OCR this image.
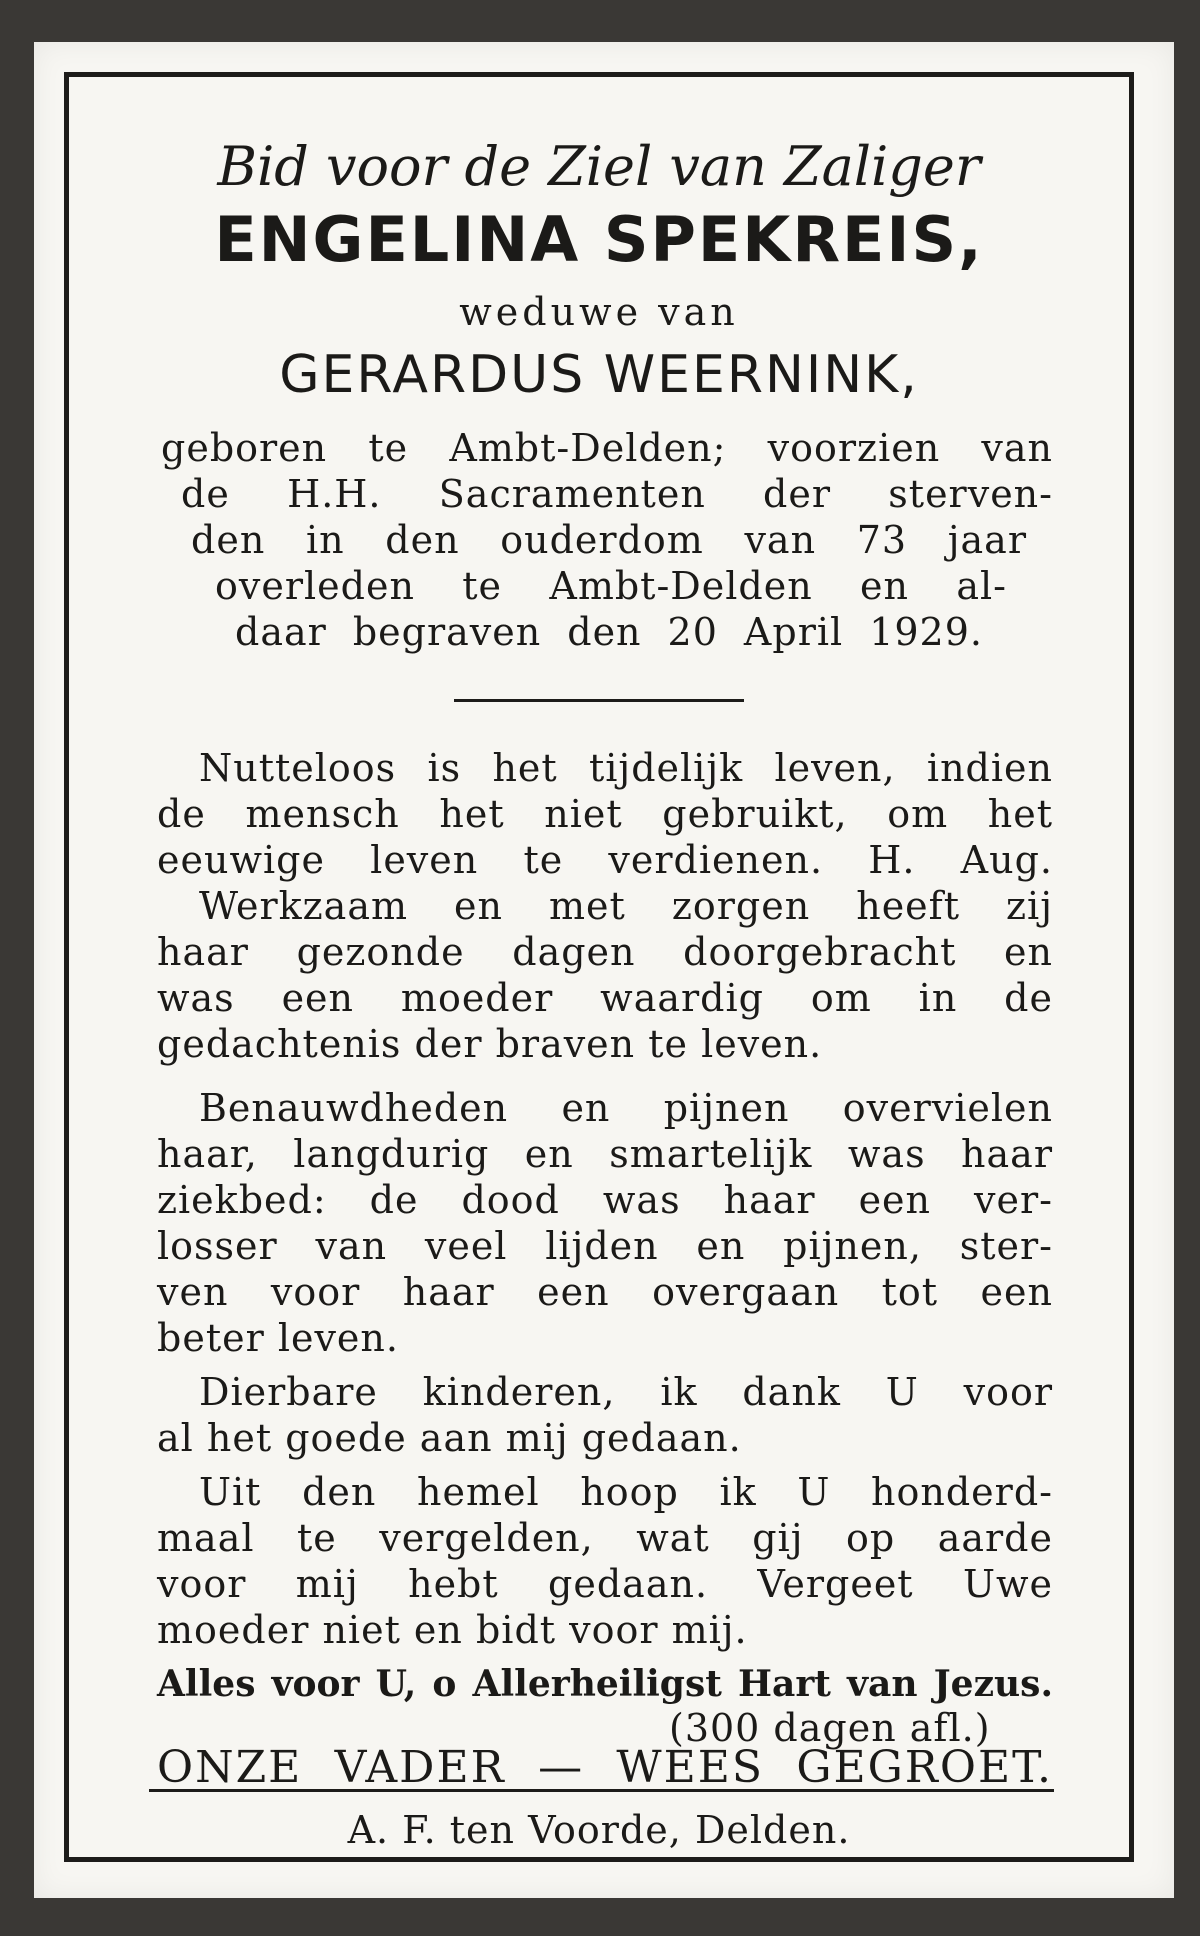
Bid voor de Ziel van Zaliger
ENGELINA SPEKREIS,
weduwe van
GERARDUS WEERNINK,
geboren te Ambt-Delden; voorzien van
de H.H. Sacramenten der sterven-
den in den ouderdom van 73 jaar
overleden te Ambt-Delden en al-
daar begraven den 20 April 1929.
Nutteloos is het tijdelijk leven, indien
de mensch het niet gebruikt, om het
eeuwige leven te verdienen. H. Aug.
Werkzaam en met zorgen heeft zij
haar gezonde dagen doorgebracht en
was een moeder waardig om in de
gedachtenis der braven te leven.
Benauwdheden en pijnen overvielen
haar, langdurig en smartelijk was haar
ziekbed: de dood was haar een ver-
losser van veel lijden en pijnen, ster-
ven voor haar een overgaan tot een
beter leven.
Dierbare kinderen, ik dank U voor
al het goede aan mij gedaan.
Uit den hemel hoop ik U honderd-
maal te vergelden, wat gij op aarde
voor mij hebt gedaan. Vergeet Uwe
moeder niet en bidt voor mij.
Alles voor U, o Allerheiligst Hart van Jezus.
(300 dagen afl.)
ONZE VADER — WEES GEGROET.
A. F. ten Voorde, Delden.
